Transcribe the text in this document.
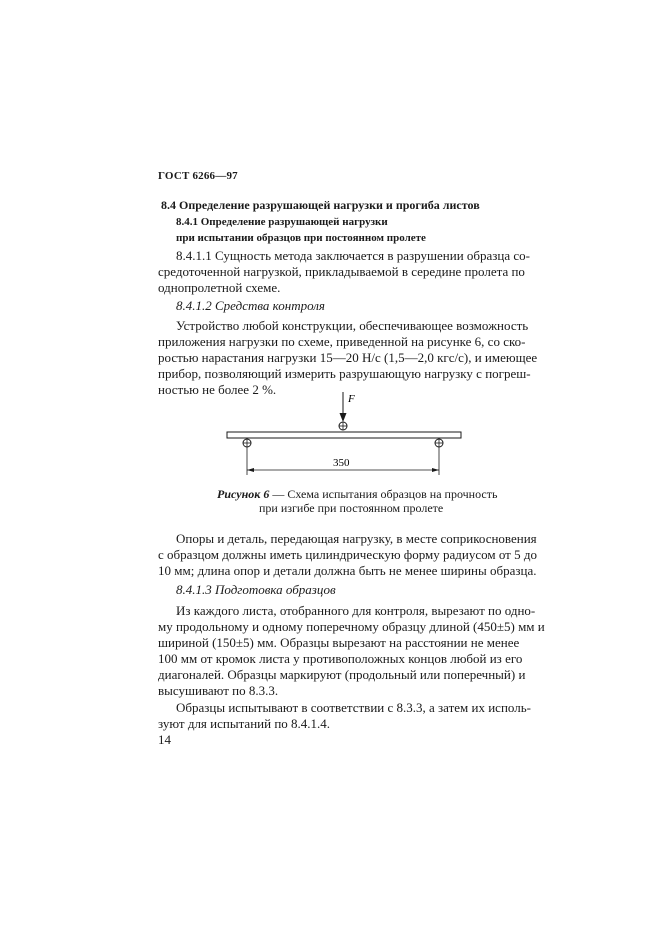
ГОСТ 6266—97
8.4 Определение разрушающей нагрузки и прогиба листов
8.4.1 Определение разрушающей нагрузки
при испытании образцов при постоянном пролете
8.4.1.1 Сущность метода заключается в разрушении образца со-
средоточенной нагрузкой, прикладываемой в середине пролета по
однопролетной схеме.
8.4.1.2 Средства контроля
Устройство любой конструкции, обеспечивающее возможность
приложения нагрузки по схеме, приведенной на рисунке 6, со ско-
ростью нарастания нагрузки 15—20 Н/с (1,5—2,0 кгс/с), и имеющее
прибор, позволяющий измерить разрушающую нагрузку с погреш-
ностью не более 2 %.
F
350
Рисунок 6 — Схема испытания образцов на прочность
при изгибе при постоянном пролете
Опоры и деталь, передающая нагрузку, в месте соприкосновения
с образцом должны иметь цилиндрическую форму радиусом от 5 до
10 мм; длина опор и детали должна быть не менее ширины образца.
8.4.1.3 Подготовка образцов
Из каждого листа, отобранного для контроля, вырезают по одно-
му продольному и одному поперечному образцу длиной (450±5) мм и
шириной (150±5) мм. Образцы вырезают на расстоянии не менее
100 мм от кромок листа у противоположных концов любой из его
диагоналей. Образцы маркируют (продольный или поперечный) и
высушивают по 8.3.3.
Образцы испытывают в соответствии с 8.3.3, а затем их исполь-
зуют для испытаний по 8.4.1.4.
14
